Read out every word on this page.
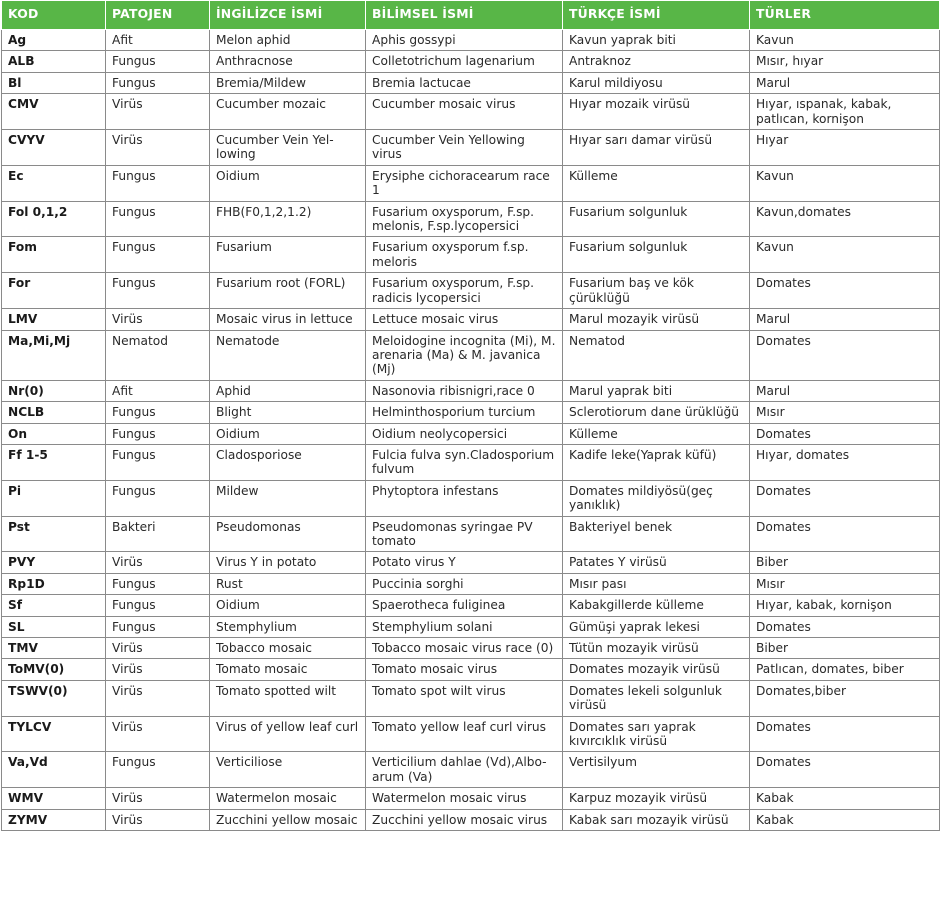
KOD	PATOJEN	İNGİLİZCE İSMİ	BİLİMSEL İSMİ	TÜRKÇE İSMİ	TÜRLER
Ag	Afit	Melon aphid	Aphis gossypi	Kavun yaprak biti	Kavun
ALB	Fungus	Anthracnose	Colletotrichum lagenarium	Antraknoz	Mısır, hıyar
Bl	Fungus	Bremia/Mildew	Bremia lactucae	Karul mildiyosu	Marul
CMV	Virüs	Cucumber mozaic	Cucumber mosaic virus	Hıyar mozaik virüsü	Hıyar, ıspanak, kabak, patlıcan, kornişon
CVYV	Virüs	Cucumber Vein Yel-lowing	Cucumber Vein Yellowing virus	Hıyar sarı damar virüsü	Hıyar
Ec	Fungus	Oidium	Erysiphe cichoracearum race 1	Külleme	Kavun
Fol 0,1,2	Fungus	FHB(F0,1,2,1.2)	Fusarium oxysporum, F.sp. melonis, F.sp.lycopersici	Fusarium solgunluk	Kavun,domates
Fom	Fungus	Fusarium	Fusarium oxysporum f.sp. meloris	Fusarium solgunluk	Kavun
For	Fungus	Fusarium root (FORL)	Fusarium oxysporum, F.sp. radicis lycopersici	Fusarium baş ve kök çürüklüğü	Domates
LMV	Virüs	Mosaic virus in lettuce	Lettuce mosaic virus	Marul mozayik virüsü	Marul
Ma,Mi,Mj	Nematod	Nematode	Meloidogine incognita (Mi), M. arenaria (Ma) & M. javanica (Mj)	Nematod	Domates
Nr(0)	Afit	Aphid	Nasonovia ribisnigri,race 0	Marul yaprak biti	Marul
NCLB	Fungus	Blight	Helminthosporium turcium	Sclerotiorum dane ürüklüğü	Mısır
On	Fungus	Oidium	Oidium neolycopersici	Külleme	Domates
Ff 1-5	Fungus	Cladosporiose	Fulcia fulva syn.Cladosporium fulvum	Kadife leke(Yaprak küfü)	Hıyar, domates
Pi	Fungus	Mildew	Phytoptora infestans	Domates mildiyösü(geç yanıklık)	Domates
Pst	Bakteri	Pseudomonas	Pseudomonas syringae PV tomato	Bakteriyel benek	Domates
PVY	Virüs	Virus Y in potato	Potato virus Y	Patates Y virüsü	Biber
Rp1D	Fungus	Rust	Puccinia sorghi	Mısır pası	Mısır
Sf	Fungus	Oidium	Spaerotheca fuliginea	Kabakgillerde külleme	Hıyar, kabak, kornişon
SL	Fungus	Stemphylium	Stemphylium solani	Gümüşi yaprak lekesi	Domates
TMV	Virüs	Tobacco mosaic	Tobacco mosaic virus race (0)	Tütün mozayik virüsü	Biber
ToMV(0)	Virüs	Tomato mosaic	Tomato mosaic virus	Domates mozayik virüsü	Patlıcan, domates, biber
TSWV(0)	Virüs	Tomato spotted wilt	Tomato spot wilt virus	Domates lekeli solgunluk virüsü	Domates,biber
TYLCV	Virüs	Virus of yellow leaf curl	Tomato yellow leaf curl virus	Domates sarı yaprak kıvırcıklık virüsü	Domates
Va,Vd	Fungus	Verticiliose	Verticilium dahlae (Vd),Albo-arum (Va)	Vertisilyum	Domates
WMV	Virüs	Watermelon mosaic	Watermelon mosaic virus	Karpuz mozayik virüsü	Kabak
ZYMV	Virüs	Zucchini yellow mosaic	Zucchini yellow mosaic virus	Kabak sarı mozayik virüsü	Kabak
